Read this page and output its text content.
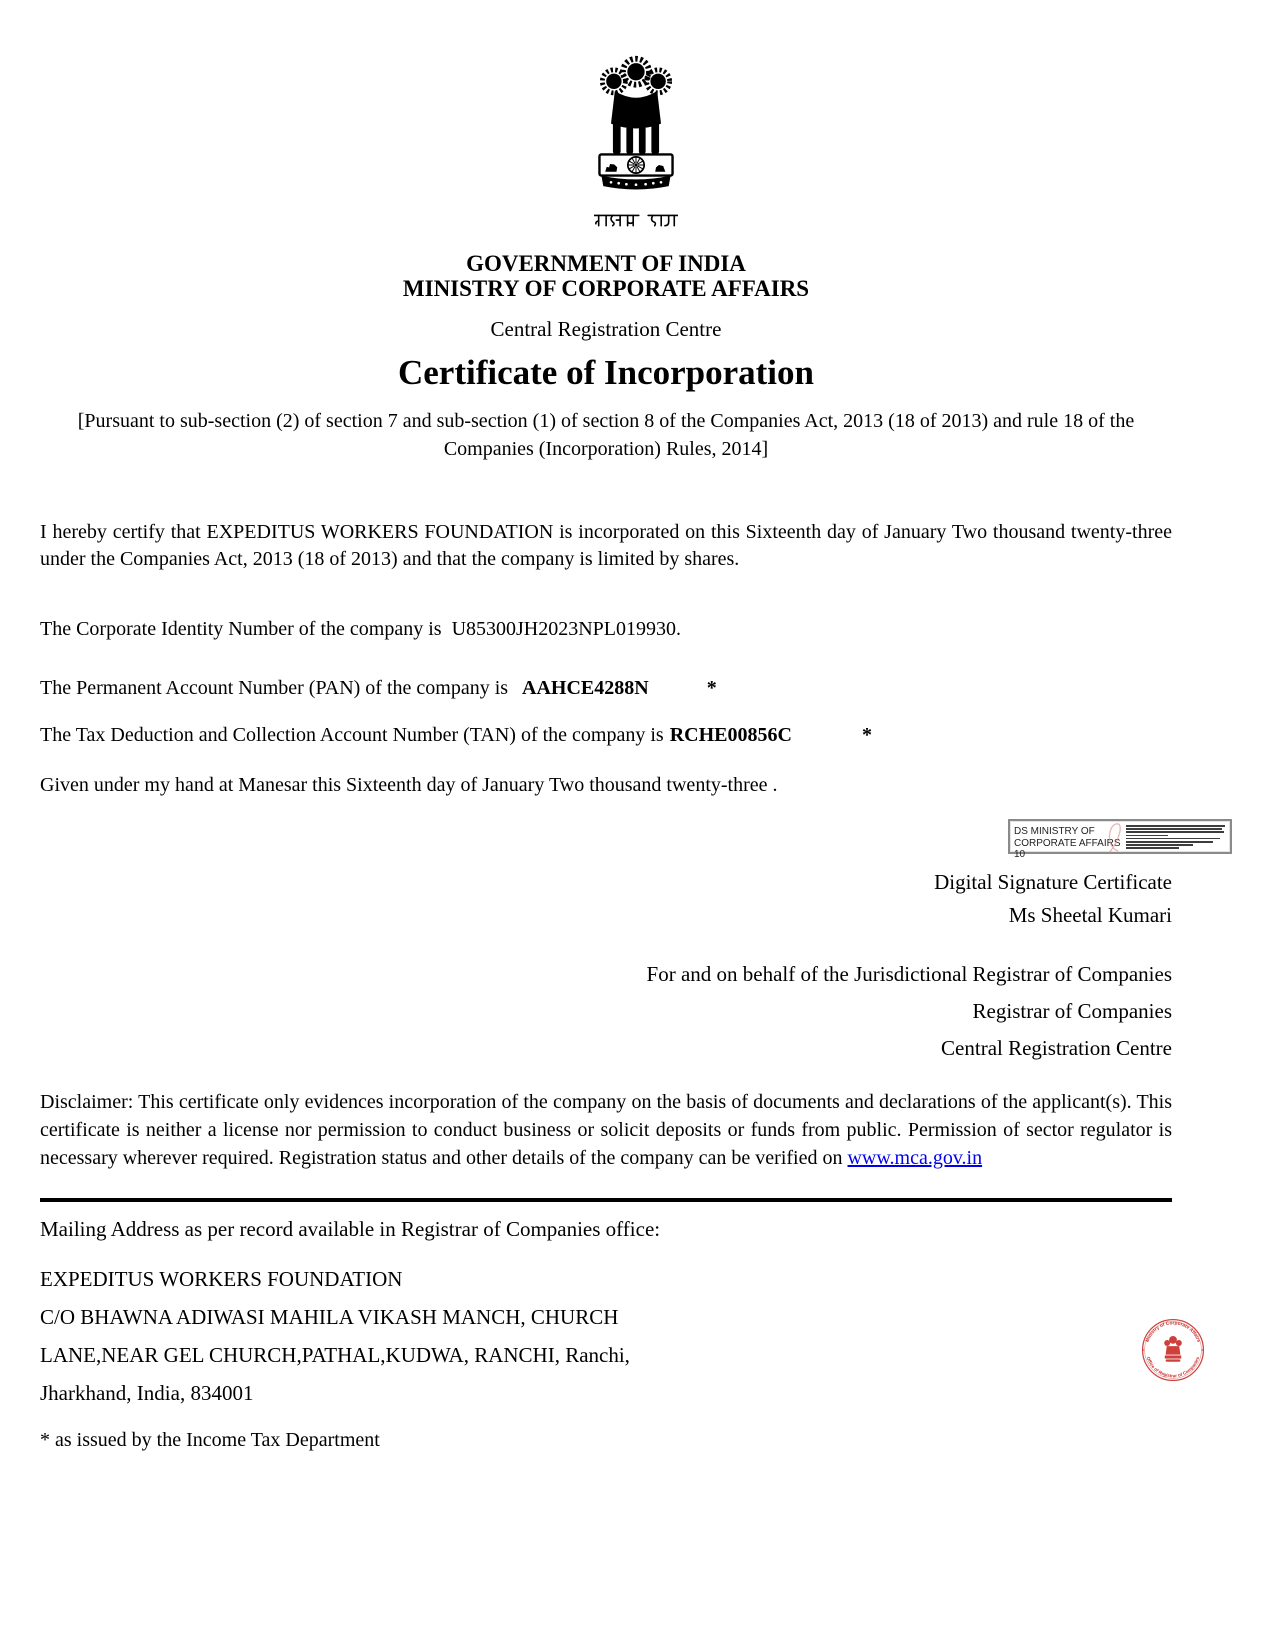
GOVERNMENT OF INDIA
MINISTRY OF CORPORATE AFFAIRS
Central Registration Centre
Certificate of Incorporation
[Pursuant to sub-section (2) of section 7 and sub-section (1) of section 8 of the Companies Act, 2013 (18 of 2013) and rule 18 of the Companies (Incorporation) Rules, 2014]
I hereby certify that EXPEDITUS WORKERS FOUNDATION is incorporated on this Sixteenth day of January Two thousand twenty-three under the Companies Act, 2013 (18 of 2013) and that the company is limited by shares.
The Corporate Identity Number of the company is U85300JH2023NPL019930.
The Permanent Account Number (PAN) of the company is AAHCE4288N	*
The Tax Deduction and Collection Account Number (TAN) of the company is RCHE00856C	*
Given under my hand at Manesar this Sixteenth day of January Two thousand twenty-three .
DS MINISTRY OF CORPORATE AFFAIRS 10
Digital Signature Certificate
Ms Sheetal Kumari
For and on behalf of the Jurisdictional Registrar of Companies
Registrar of Companies
Central Registration Centre
Disclaimer: This certificate only evidences incorporation of the company on the basis of documents and declarations of the applicant(s). This certificate is neither a license nor permission to conduct business or solicit deposits or funds from public. Permission of sector regulator is necessary wherever required. Registration status and other details of the company can be verified on www.mca.gov.in
Mailing Address as per record available in Registrar of Companies office:
EXPEDITUS WORKERS FOUNDATION
C/O BHAWNA ADIWASI MAHILA VIKASH MANCH, CHURCH
LANE,NEAR GEL CHURCH,PATHAL,KUDWA, RANCHI, Ranchi,
Jharkhand, India, 834001
* as issued by the Income Tax Department
Ministry of Corporate Affairs
Office of Registrar of Companies
*	*
